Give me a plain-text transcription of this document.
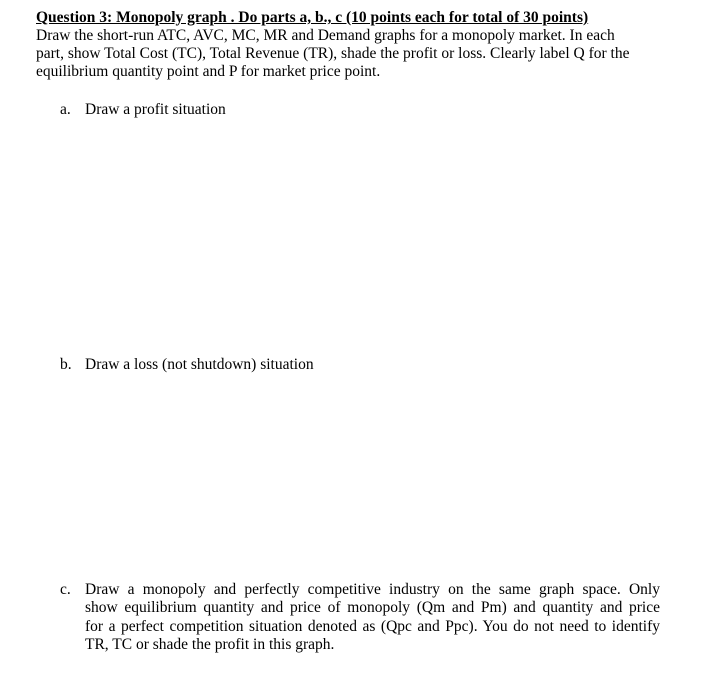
Question 3: Monopoly graph . Do parts a, b., c (10 points each for total of 30 points)
Draw the short-run ATC, AVC, MC, MR and Demand graphs for a monopoly market. In each
part, show Total Cost (TC), Total Revenue (TR), shade the profit or loss. Clearly label Q for the
equilibrium quantity point and P for market price point.
a. Draw a profit situation
b. Draw a loss (not shutdown) situation
c. Draw a monopoly and perfectly competitive industry on the same graph space. Only
show equilibrium quantity and price of monopoly (Qm and Pm) and quantity and price
for a perfect competition situation denoted as (Qpc and Ppc). You do not need to identify
TR, TC or shade the profit in this graph.
